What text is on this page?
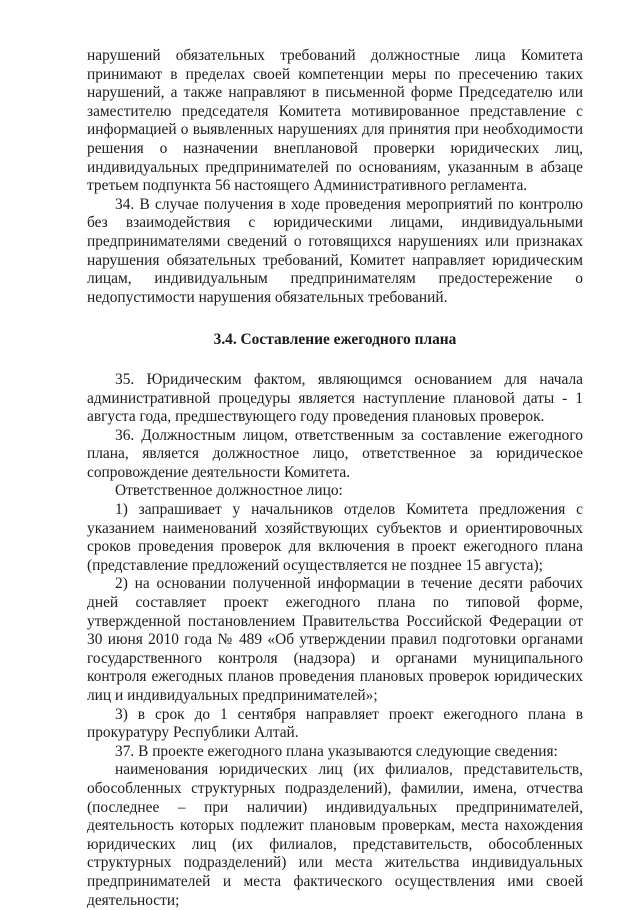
нарушений обязательных требований должностные лица Комитета принимают в пределах своей компетенции меры по пресечению таких нарушений, а также направляют в письменной форме Председателю или заместителю председателя Комитета мотивированное представление с информацией о выявленных нарушениях для принятия при необходимости решения о назначении внеплановой проверки юридических лиц, индивидуальных предпринимателей по основаниям, указанным в абзаце третьем подпункта 56 настоящего Административного регламента.

34. В случае получения в ходе проведения мероприятий по контролю без взаимодействия с юридическими лицами, индивидуальными предпринимателями сведений о готовящихся нарушениях или признаках нарушения обязательных требований, Комитет направляет юридическим лицам, индивидуальным предпринимателям предостережение о недопустимости нарушения обязательных требований.

3.4. Составление ежегодного плана

35. Юридическим фактом, являющимся основанием для начала административной процедуры является наступление плановой даты - 1 августа года, предшествующего году проведения плановых проверок.

36. Должностным лицом, ответственным за составление ежегодного плана, является должностное лицо, ответственное за юридическое сопровождение деятельности Комитета.

Ответственное должностное лицо:

1) запрашивает у начальников отделов Комитета предложения с указанием наименований хозяйствующих субъектов и ориентировочных сроков проведения проверок для включения в проект ежегодного плана (представление предложений осуществляется не позднее 15 августа);

2) на основании полученной информации в течение десяти рабочих дней составляет проект ежегодного плана по типовой форме, утвержденной постановлением Правительства Российской Федерации от 30 июня 2010 года № 489 «Об утверждении правил подготовки органами государственного контроля (надзора) и органами муниципального контроля ежегодных планов проведения плановых проверок юридических лиц и индивидуальных предпринимателей»;

3) в срок до 1 сентября направляет проект ежегодного плана в прокуратуру Республики Алтай.

37. В проекте ежегодного плана указываются следующие сведения:

наименования юридических лиц (их филиалов, представительств, обособленных структурных подразделений), фамилии, имена, отчества (последнее – при наличии) индивидуальных предпринимателей, деятельность которых подлежит плановым проверкам, места нахождения юридических лиц (их филиалов, представительств, обособленных структурных подразделений) или места жительства индивидуальных предпринимателей и места фактического осуществления ими своей деятельности;
